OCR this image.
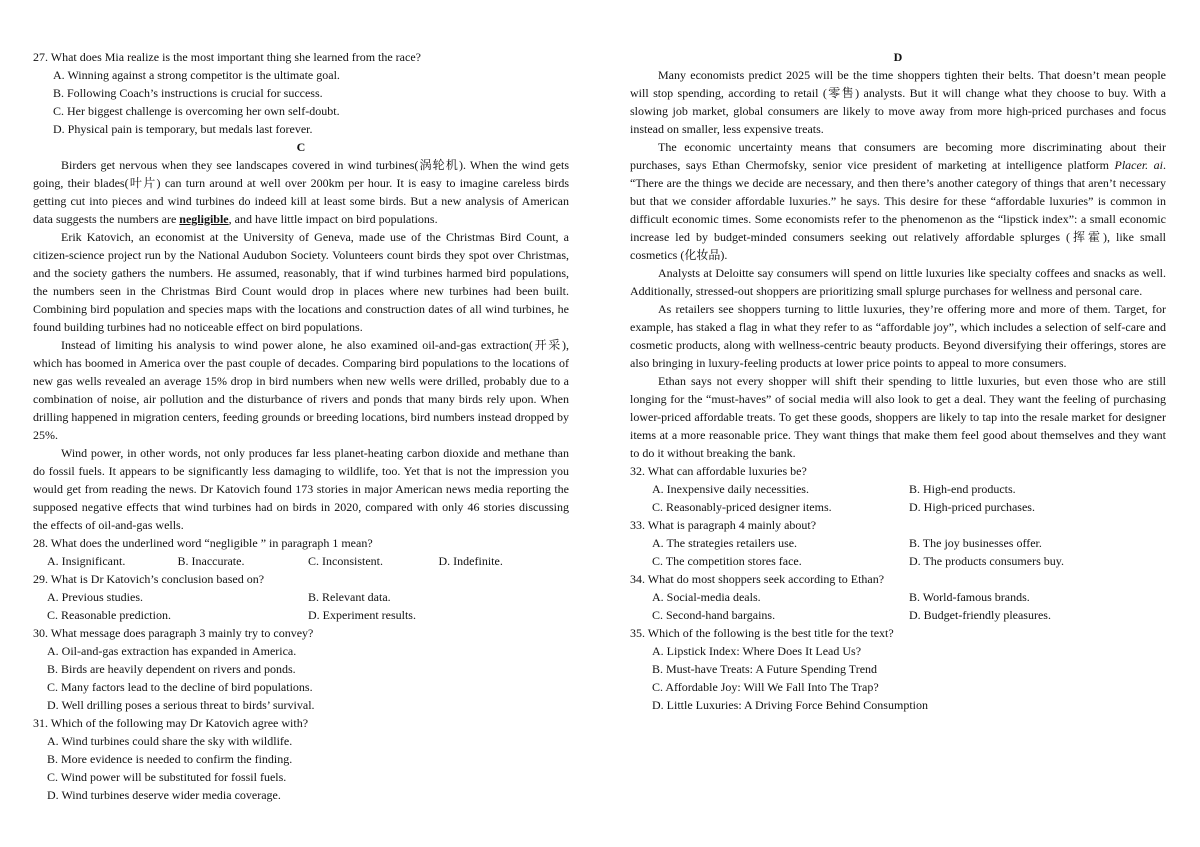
27. What does Mia realize is the most important thing she learned from the race?

A. Winning against a strong competitor is the ultimate goal.

B. Following Coach’s instructions is crucial for success.

C. Her biggest challenge is overcoming her own self-doubt.

D. Physical pain is temporary, but medals last forever.

C

Birders get nervous when they see landscapes covered in wind turbines(涡轮机). When the wind gets going, their blades(叶片) can turn around at well over 200km per hour. It is easy to imagine careless birds getting cut into pieces and wind turbines do indeed kill at least some birds. But a new analysis of American data suggests the numbers are negligible, and have little impact on bird populations.

Erik Katovich, an economist at the University of Geneva, made use of the Christmas Bird Count, a citizen-science project run by the National Audubon Society. Volunteers count birds they spot over Christmas, and the society gathers the numbers. He assumed, reasonably, that if wind turbines harmed bird populations, the numbers seen in the Christmas Bird Count would drop in places where new turbines had been built. Combining bird population and species maps with the locations and construction dates of all wind turbines, he found building turbines had no noticeable effect on bird populations.

Instead of limiting his analysis to wind power alone, he also examined oil-and-gas extraction(开采), which has boomed in America over the past couple of decades. Comparing bird populations to the locations of new gas wells revealed an average 15% drop in bird numbers when new wells were drilled, probably due to a combination of noise, air pollution and the disturbance of rivers and ponds that many birds rely upon. When drilling happened in migration centers, feeding grounds or breeding locations, bird numbers instead dropped by 25%.

Wind power, in other words, not only produces far less planet-heating carbon dioxide and methane than do fossil fuels. It appears to be significantly less damaging to wildlife, too. Yet that is not the impression you would get from reading the news. Dr Katovich found 173 stories in major American news media reporting the supposed negative effects that wind turbines had on birds in 2020, compared with only 46 stories discussing the effects of oil-and-gas wells.

28. What does the underlined word “negligible ” in paragraph 1 mean?

A. Insignificant.	B. Inaccurate.	C. Inconsistent.	D. Indefinite.

29. What is Dr Katovich’s conclusion based on?

A. Previous studies.	B. Relevant data.
C. Reasonable prediction.	D. Experiment results.

30. What message does paragraph 3 mainly try to convey?

A. Oil-and-gas extraction has expanded in America.

B. Birds are heavily dependent on rivers and ponds.

C. Many factors lead to the decline of bird populations.

D. Well drilling poses a serious threat to birds’ survival.

31. Which of the following may Dr Katovich agree with?

A. Wind turbines could share the sky with wildlife.

B. More evidence is needed to confirm the finding.

C. Wind power will be substituted for fossil fuels.

D. Wind turbines deserve wider media coverage.

D

Many economists predict 2025 will be the time shoppers tighten their belts. That doesn’t mean people will stop spending, according to retail (零售) analysts. But it will change what they choose to buy. With a slowing job market, global consumers are likely to move away from more high-priced purchases and focus instead on smaller, less expensive treats.

The economic uncertainty means that consumers are becoming more discriminating about their purchases, says Ethan Chermofsky, senior vice president of marketing at intelligence platform Placer. ai. “There are the things we decide are necessary, and then there’s another category of things that aren’t necessary but that we consider affordable luxuries.” he says. This desire for these “affordable luxuries” is common in difficult economic times. Some economists refer to the phenomenon as the “lipstick index”: a small economic increase led by budget-minded consumers seeking out relatively affordable splurges (挥霍), like small cosmetics (化妆品).

Analysts at Deloitte say consumers will spend on little luxuries like specialty coffees and snacks as well. Additionally, stressed-out shoppers are prioritizing small splurge purchases for wellness and personal care.

As retailers see shoppers turning to little luxuries, they’re offering more and more of them. Target, for example, has staked a flag in what they refer to as “affordable joy”, which includes a selection of self-care and cosmetic products, along with wellness-centric beauty products. Beyond diversifying their offerings, stores are also bringing in luxury-feeling products at lower price points to appeal to more consumers.

Ethan says not every shopper will shift their spending to little luxuries, but even those who are still longing for the “must-haves” of social media will also look to get a deal. They want the feeling of purchasing lower-priced affordable treats. To get these goods, shoppers are likely to tap into the resale market for designer items at a more reasonable price. They want things that make them feel good about themselves and they want to do it without breaking the bank.

32. What can affordable luxuries be?

A. Inexpensive daily necessities.	B. High-end products.
C. Reasonably-priced designer items.	D. High-priced purchases.

33. What is paragraph 4 mainly about?

A. The strategies retailers use.	B. The joy businesses offer.
C. The competition stores face.	D. The products consumers buy.

34. What do most shoppers seek according to Ethan?

A. Social-media deals.	B. World-famous brands.
C. Second-hand bargains.	D. Budget-friendly pleasures.

35. Which of the following is the best title for the text?

A. Lipstick Index: Where Does It Lead Us?

B. Must-have Treats: A Future Spending Trend

C. Affordable Joy: Will We Fall Into The Trap?

D. Little Luxuries: A Driving Force Behind Consumption
